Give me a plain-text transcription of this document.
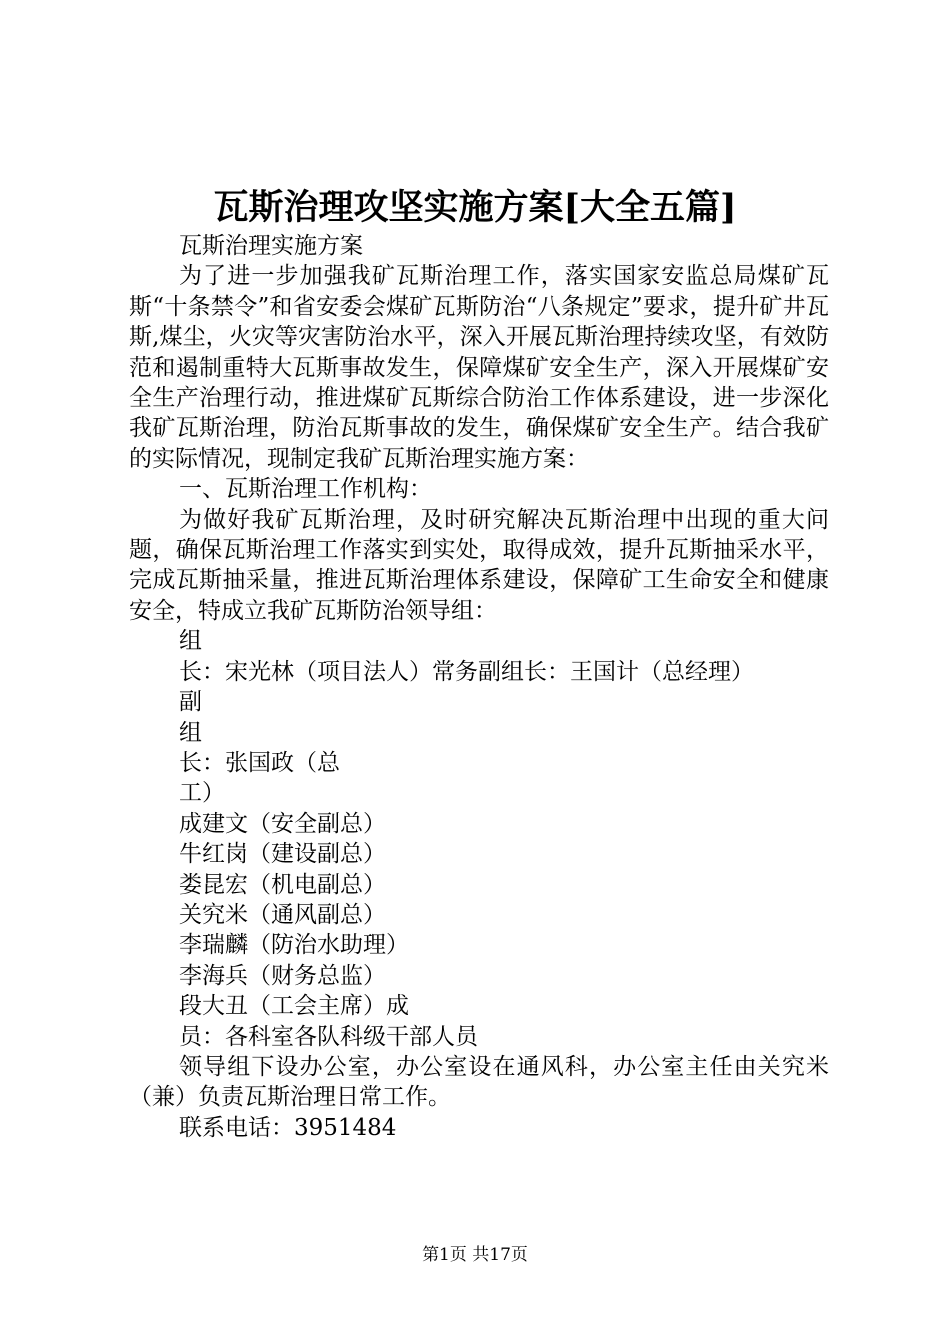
瓦斯治理攻坚实施方案[大全五篇]

瓦斯治理实施方案

为了进一步加强我矿瓦斯治理工作，落实国家安监总局煤矿瓦斯“十条禁令”和省安委会煤矿瓦斯防治“八条规定”要求，提升矿井瓦斯,煤尘，火灾等灾害防治水平，深入开展瓦斯治理持续攻坚，有效防范和遏制重特大瓦斯事故发生，保障煤矿安全生产，深入开展煤矿安全生产治理行动，推进煤矿瓦斯综合防治工作体系建设，进一步深化我矿瓦斯治理，防治瓦斯事故的发生，确保煤矿安全生产。结合我矿的实际情况，现制定我矿瓦斯治理实施方案：

一、瓦斯治理工作机构：

为做好我矿瓦斯治理，及时研究解决瓦斯治理中出现的重大问题，确保瓦斯治理工作落实到实处，取得成效，提升瓦斯抽采水平，完成瓦斯抽采量，推进瓦斯治理体系建设，保障矿工生命安全和健康安全，特成立我矿瓦斯防治领导组：

组

长：宋光林（项目法人）常务副组长：王国计（总经理）

副

组

长：张国政（总

工）

成建文（安全副总）

牛红岗（建设副总）

娄昆宏（机电副总）

关究米（通风副总）

李瑞麟（防治水助理）

李海兵（财务总监）

段大丑（工会主席）成

员：各科室各队科级干部人员

领导组下设办公室，办公室设在通风科，办公室主任由关究米（兼）负责瓦斯治理日常工作。

联系电话：3951484

第1页 共17页
